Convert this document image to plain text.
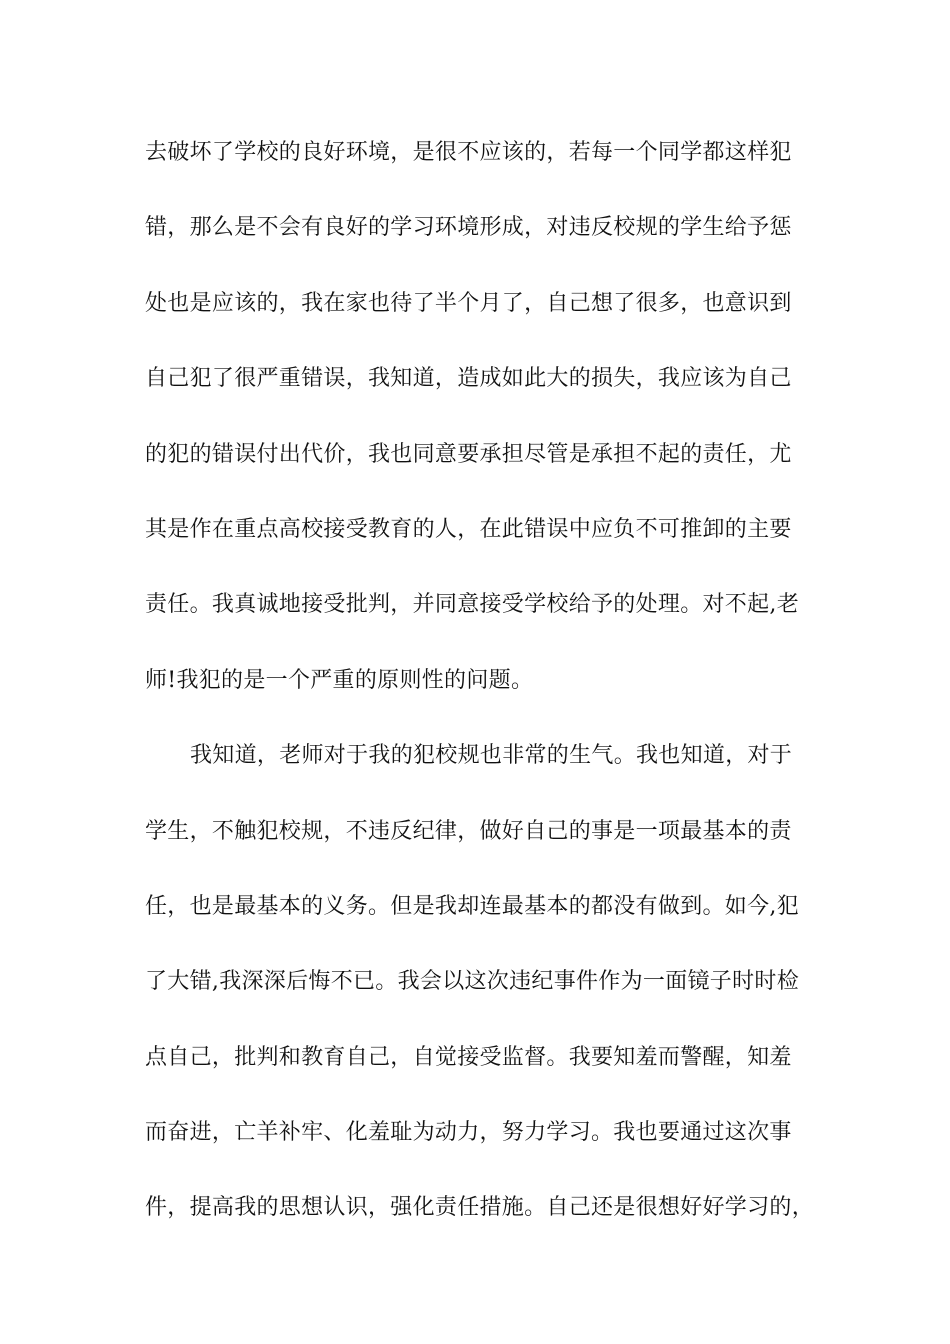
去破坏了学校的良好环境，是很不应该的，若每一个同学都这样犯
错，那么是不会有良好的学习环境形成，对违反校规的学生给予惩
处也是应该的，我在家也待了半个月了，自己想了很多，也意识到
自己犯了很严重错误，我知道，造成如此大的损失，我应该为自己
的犯的错误付出代价，我也同意要承担尽管是承担不起的责任，尤
其是作在重点高校接受教育的人，在此错误中应负不可推卸的主要
责任。我真诚地接受批判，并同意接受学校给予的处理。对不起,老
师!我犯的是一个严重的原则性的问题。
我知道，老师对于我的犯校规也非常的生气。我也知道，对于
学生，不触犯校规，不违反纪律，做好自己的事是一项最基本的责
任，也是最基本的义务。但是我却连最基本的都没有做到。如今,犯
了大错,我深深后悔不已。我会以这次违纪事件作为一面镜子时时检
点自己，批判和教育自己，自觉接受监督。我要知羞而警醒，知羞
而奋进，亡羊补牢、化羞耻为动力，努力学习。我也要通过这次事
件，提高我的思想认识，强化责任措施。自己还是很想好好学习的，
